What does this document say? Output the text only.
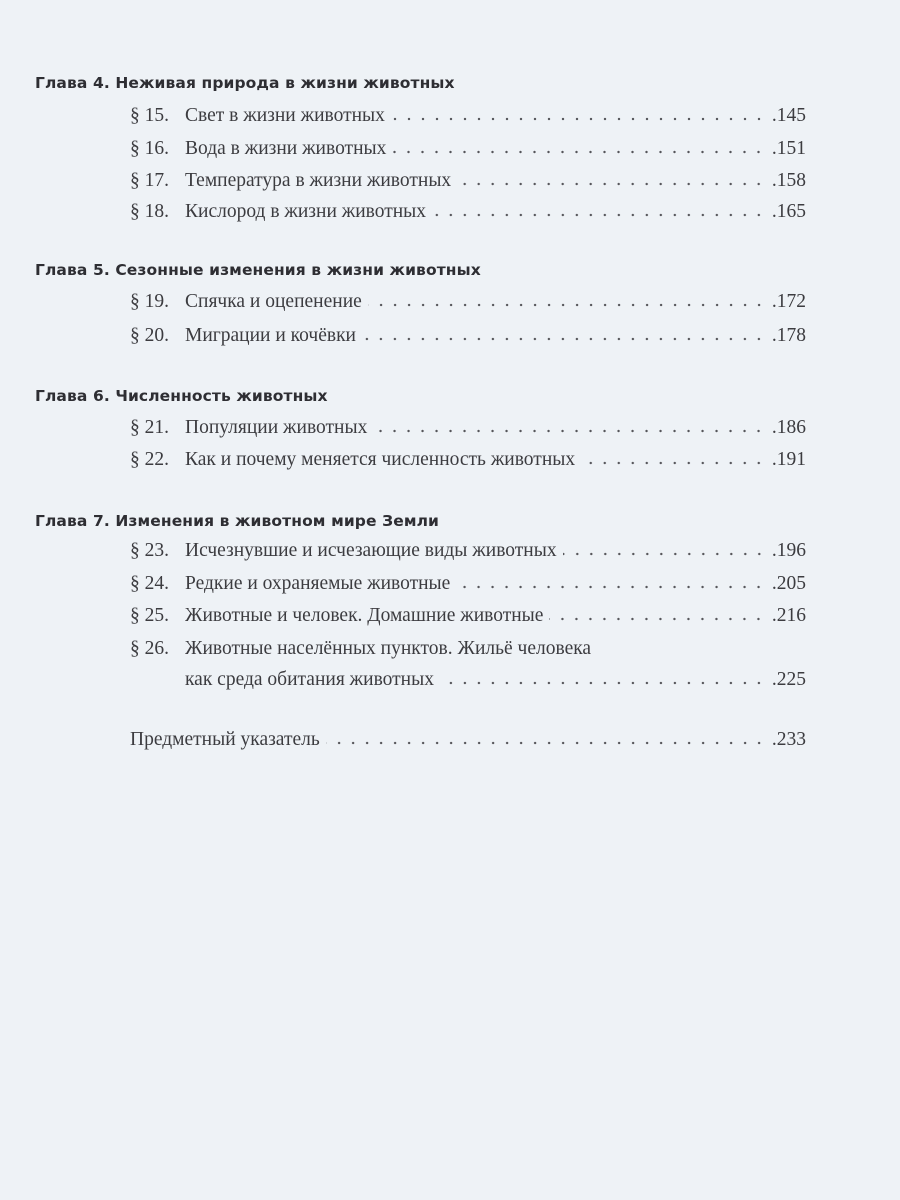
Глава 4. Неживая природа в жизни животных
§ 15. Свет в жизни животных	.145
§ 16. Вода в жизни животных	.151
§ 17. Температура в жизни животных	.158
§ 18. Кислород в жизни животных	.165
Глава 5. Сезонные изменения в жизни животных
§ 19. Спячка и оцепенение	.172
§ 20. Миграции и кочёвки	.178
Глава 6. Численность животных
§ 21. Популяции животных	.186
§ 22. Как и почему меняется численность животных	.191
Глава 7. Изменения в животном мире Земли
§ 23. Исчезнувшие и исчезающие виды животных	.196
§ 24. Редкие и охраняемые животные	.205
§ 25. Животные и человек. Домашние животные	.216
§ 26. Животные населённых пунктов. Жильё человека
как среда обитания животных	.225
Предметный указатель	.233
